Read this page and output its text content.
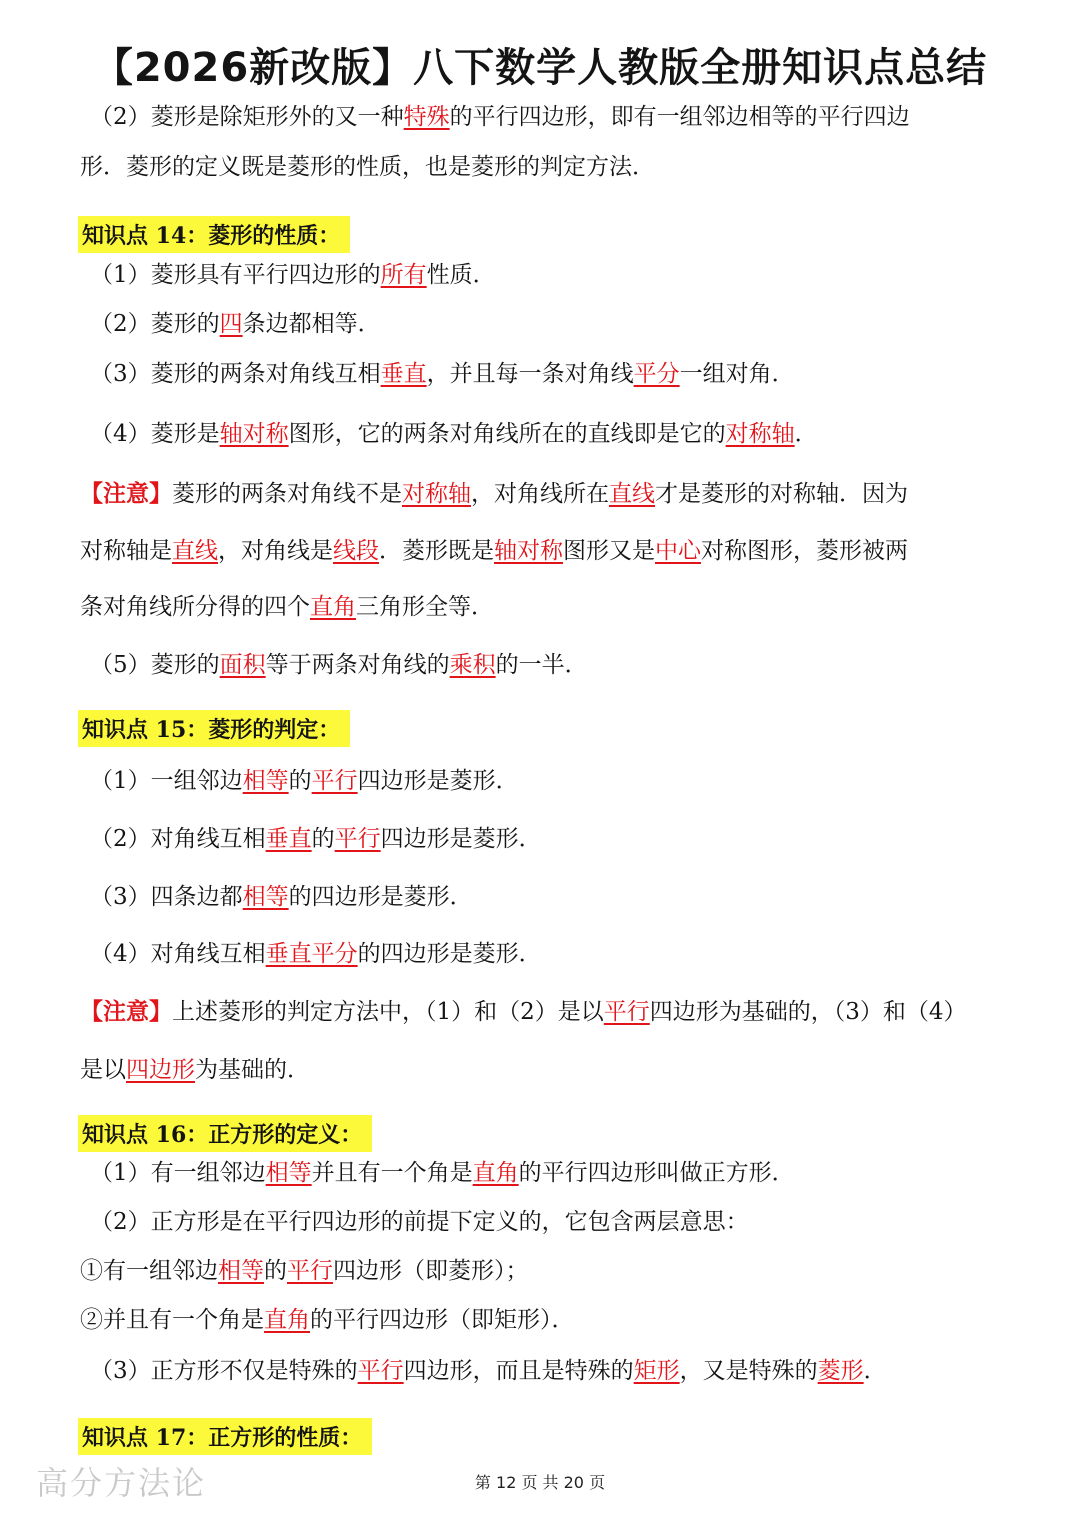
【2026新改版】八下数学人教版全册知识点总结
（2）菱形是除矩形外的又一种特殊的平行四边形，即有一组邻边相等的平行四边
形．菱形的定义既是菱形的性质，也是菱形的判定方法．
知识点 14：菱形的性质：
（1）菱形具有平行四边形的所有性质．
（2）菱形的四条边都相等．
（3）菱形的两条对角线互相垂直，并且每一条对角线平分一组对角．
（4）菱形是轴对称图形，它的两条对角线所在的直线即是它的对称轴．
【注意】菱形的两条对角线不是对称轴，对角线所在直线才是菱形的对称轴．因为
对称轴是直线，对角线是线段．菱形既是轴对称图形又是中心对称图形，菱形被两
条对角线所分得的四个直角三角形全等．
（5）菱形的面积等于两条对角线的乘积的一半．
知识点 15：菱形的判定：
（1）一组邻边相等的平行四边形是菱形．
（2）对角线互相垂直的平行四边形是菱形．
（3）四条边都相等的四边形是菱形．
（4）对角线互相垂直平分的四边形是菱形．
【注意】上述菱形的判定方法中，（1）和（2）是以平行四边形为基础的，（3）和（4）
是以四边形为基础的．
知识点 16：正方形的定义：
（1）有一组邻边相等并且有一个角是直角的平行四边形叫做正方形．
（2）正方形是在平行四边形的前提下定义的，它包含两层意思：
①有一组邻边相等的平行四边形（即菱形）；
②并且有一个角是直角的平行四边形（即矩形）．
（3）正方形不仅是特殊的平行四边形，而且是特殊的矩形，又是特殊的菱形．
知识点 17：正方形的性质：
第 12 页 共 20 页
高分方法论
